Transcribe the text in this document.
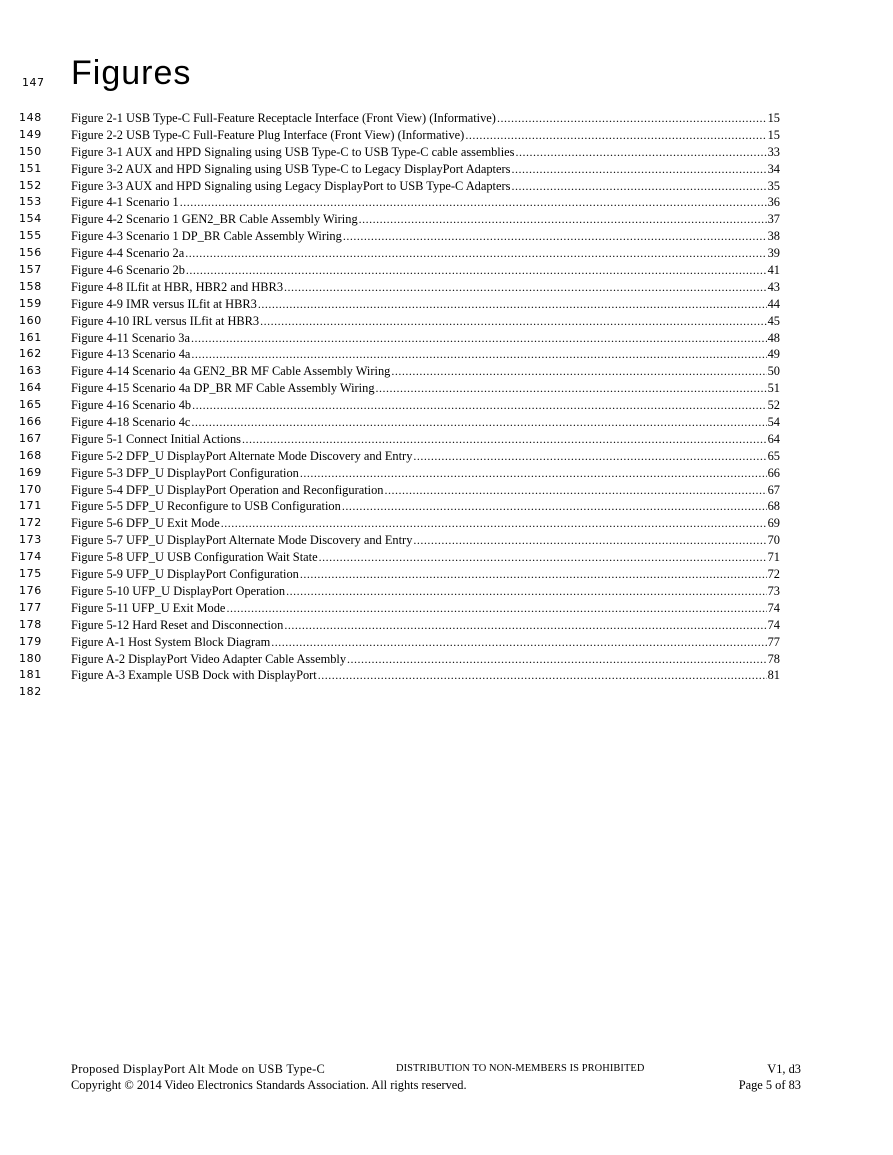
147 Figures
148 Figure 2-1 USB Type-C Full-Feature Receptacle Interface (Front View) (Informative) .....	15
149 Figure 2-2 USB Type-C Full-Feature Plug Interface (Front View) (Informative) .....	15
150 Figure 3-1 AUX and HPD Signaling using USB Type-C to USB Type-C cable assemblies .....	33
151 Figure 3-2 AUX and HPD Signaling using USB Type-C to Legacy DisplayPort Adapters .....	34
152 Figure 3-3 AUX and HPD Signaling using Legacy DisplayPort to USB Type-C Adapters .....	35
153 Figure 4-1 Scenario 1 .....	36
154 Figure 4-2 Scenario 1 GEN2_BR Cable Assembly Wiring .....	37
155 Figure 4-3 Scenario 1 DP_BR Cable Assembly Wiring .....	38
156 Figure 4-4 Scenario 2a .....	39
157 Figure 4-6 Scenario 2b .....	41
158 Figure 4-8 ILfit at HBR, HBR2 and HBR3 .....	43
159 Figure 4-9 IMR versus ILfit at HBR3 .....	44
160 Figure 4-10 IRL versus ILfit at HBR3 .....	45
161 Figure 4-11 Scenario 3a .....	48
162 Figure 4-13 Scenario 4a .....	49
163 Figure 4-14 Scenario 4a GEN2_BR MF Cable Assembly Wiring .....	50
164 Figure 4-15 Scenario 4a DP_BR MF Cable Assembly Wiring .....	51
165 Figure 4-16 Scenario 4b .....	52
166 Figure 4-18 Scenario 4c .....	54
167 Figure 5-1 Connect Initial Actions .....	64
168 Figure 5-2 DFP_U DisplayPort Alternate Mode Discovery and Entry .....	65
169 Figure 5-3 DFP_U DisplayPort Configuration .....	66
170 Figure 5-4 DFP_U DisplayPort Operation and Reconfiguration .....	67
171 Figure 5-5 DFP_U Reconfigure to USB Configuration .....	68
172 Figure 5-6 DFP_U Exit Mode .....	69
173 Figure 5-7 UFP_U DisplayPort Alternate Mode Discovery and Entry .....	70
174 Figure 5-8 UFP_U USB Configuration Wait State .....	71
175 Figure 5-9 UFP_U DisplayPort Configuration .....	72
176 Figure 5-10 UFP_U DisplayPort Operation .....	73
177 Figure 5-11 UFP_U Exit Mode .....	74
178 Figure 5-12 Hard Reset and Disconnection .....	74
179 Figure A-1 Host System Block Diagram .....	77
180 Figure A-2 DisplayPort Video Adapter Cable Assembly .....	78
181 Figure A-3 Example USB Dock with DisplayPort .....	81
182
Proposed DisplayPort Alt Mode on USB Type-C	DISTRIBUTION TO NON-MEMBERS IS PROHIBITED	V1, d3
Copyright © 2014 Video Electronics Standards Association. All rights reserved.	Page 5 of 83
